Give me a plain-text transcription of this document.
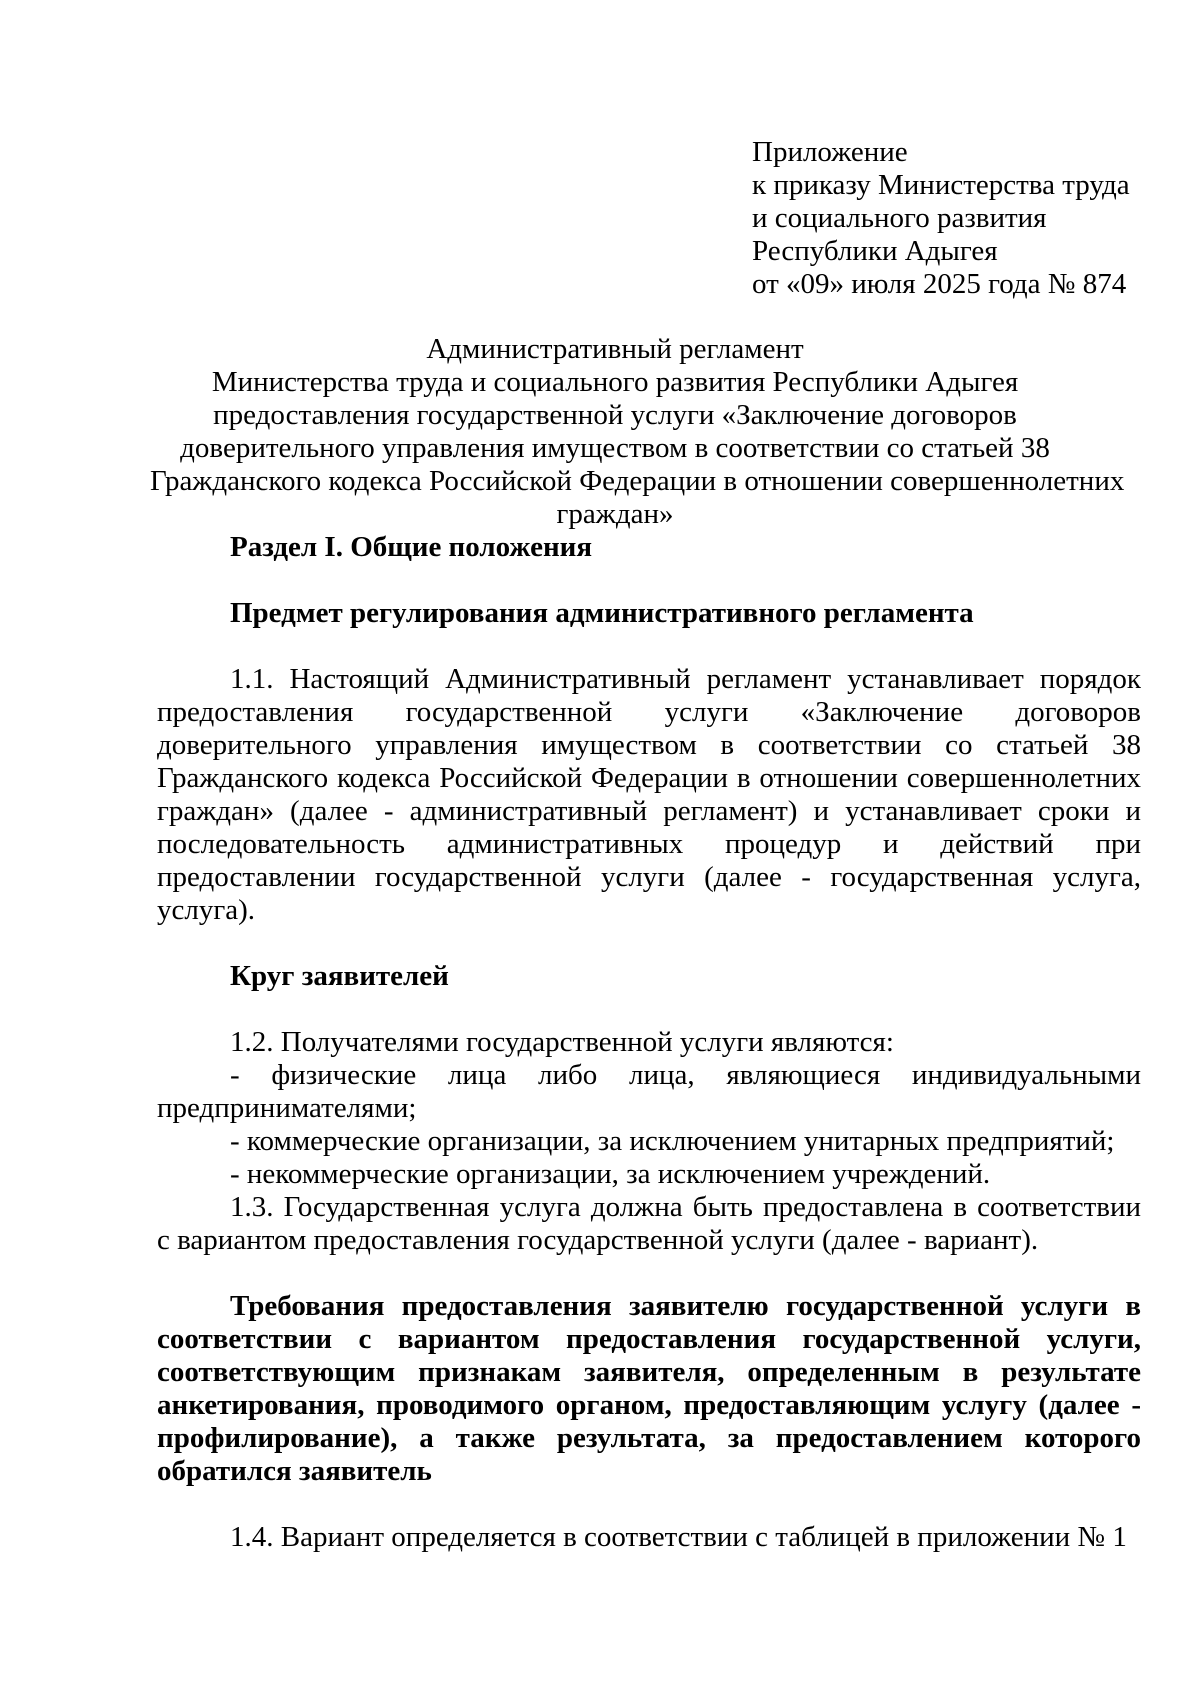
Приложение
к приказу Министерства труда
и социального развития
Республики Адыгея
от «09» июля 2025 года № 874
Административный регламент
Министерства труда и социального развития Республики Адыгея
предоставления государственной услуги «Заключение договоров
доверительного управления имуществом в соответствии со статьей 38
Гражданского кодекса Российской Федерации в отношении совершеннолетних
граждан»
Раздел I. Общие положения
Предмет регулирования административного регламента
1.1. Настоящий Административный регламент устанавливает порядок предоставления государственной услуги «Заключение договоров доверительного управления имуществом в соответствии со статьей 38 Гражданского кодекса Российской Федерации в отношении совершеннолетних граждан» (далее - административный регламент) и устанавливает сроки и последовательность административных процедур и действий при предоставлении государственной услуги (далее - государственная услуга, услуга).
Круг заявителей
1.2. Получателями государственной услуги являются:
- физические лица либо лица, являющиеся индивидуальными предпринимателями;
- коммерческие организации, за исключением унитарных предприятий;
- некоммерческие организации, за исключением учреждений.
1.3. Государственная услуга должна быть предоставлена в соответствии с вариантом предоставления государственной услуги (далее - вариант).
Требования предоставления заявителю государственной услуги в соответствии с вариантом предоставления государственной услуги, соответствующим признакам заявителя, определенным в результате анкетирования, проводимого органом, предоставляющим услугу (далее - профилирование), а также результата, за предоставлением которого обратился заявитель
1.4. Вариант определяется в соответствии с таблицей в приложении № 1
